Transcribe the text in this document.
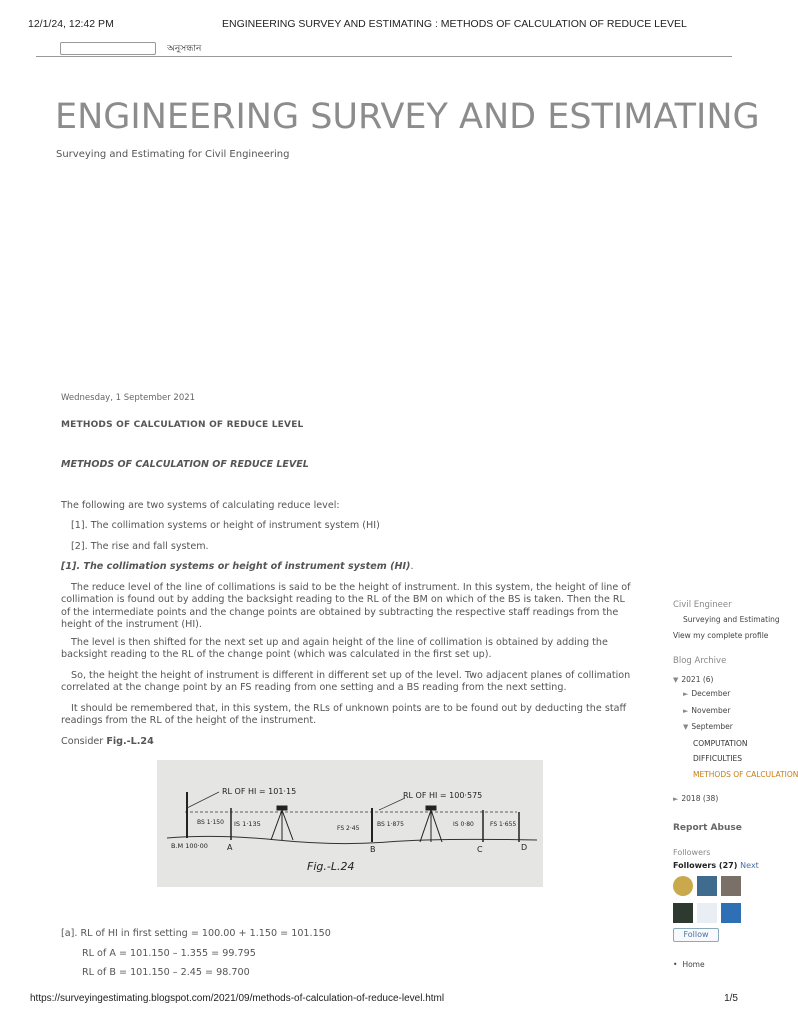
12/1/24, 12:42 PM	ENGINEERING SURVEY AND ESTIMATING : METHODS OF CALCULATION OF REDUCE LEVEL
অনুসন্ধান
ENGINEERING SURVEY AND ESTIMATING
Surveying and Estimating for Civil Engineering
Wednesday, 1 September 2021
METHODS OF CALCULATION OF REDUCE LEVEL
METHODS OF CALCULATION OF REDUCE LEVEL

The following are two systems of calculating reduce level:

[1]. The collimation systems or height of instrument system (HI)

[2]. The rise and fall system.

[1]. The collimation systems or height of instrument system (HI).

The reduce level of the line of collimations is said to be the height of instrument. In this system, the height of line of collimation is found out by adding the backsight reading to the RL of the BM on which of the BS is taken. Then the RL of the intermediate points and the change points are obtained by subtracting the respective staff readings from the height of the instrument (HI).

The level is then shifted for the next set up and again height of the line of collimation is obtained by adding the backsight reading to the RL of the change point (which was calculated in the first set up).

So, the height the height of instrument is different in different set up of the level. Two adjacent planes of collimation correlated at the change point by an FS reading from one setting and a BS reading from the next setting.

It should be remembered that, in this system, the RLs of unknown points are to be found out by deducting the staff readings from the RL of the height of the instrument.

Consider Fig.-L.24

RL OF HI = 101·15	RL OF HI = 100·575
BS 1·150 IS 1·135
FS 2·45
BS 1·875	IS 0·80	FS 1·655
B.M 100·00 A	B	C	D
Fig.-L.24

[a]. RL of HI in first setting = 100.00 + 1.150 = 101.150

RL of A = 101.150 – 1.355 = 99.795

RL of B = 101.150 – 2.45 = 98.700

Civil Engineer
Surveying and Estimating
View my complete profile
Blog Archive
▼ 2021 (6)
► December
► November
▼ September
COMPUTATION
DIFFICULTIES
METHODS OF CALCULATION
► 2018 (38)
Report Abuse
Followers
Followers (27) Next
Follow
• Home
https://surveyingestimating.blogspot.com/2021/09/methods-of-calculation-of-reduce-level.html	1/5
